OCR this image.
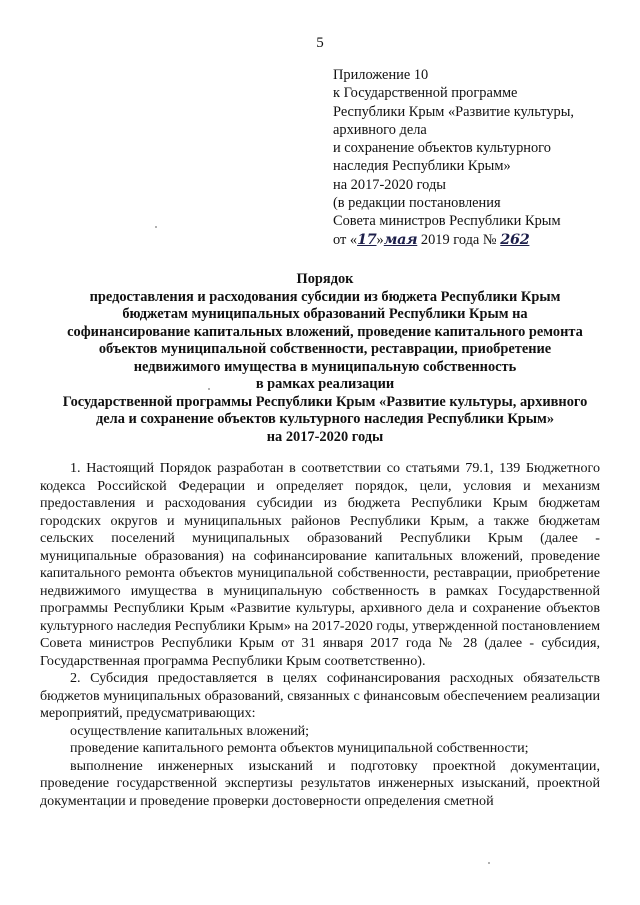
5
Приложение 10
к Государственной программе
Республики Крым «Развитие культуры,
архивного дела
и сохранение объектов культурного
наследия Республики Крым»
на 2017-2020 годы
(в редакции постановления
Совета министров Республики Крым
от «17»мая 2019 года № 262
Порядок
предоставления и расходования субсидии из бюджета Республики Крым
бюджетам муниципальных образований Республики Крым на
софинансирование капитальных вложений, проведение капитального ремонта
объектов муниципальной собственности, реставрации, приобретение
недвижимого имущества в муниципальную собственность
в рамках реализации
Государственной программы Республики Крым «Развитие культуры, архивного
дела и сохранение объектов культурного наследия Республики Крым»
на 2017-2020 годы

1. Настоящий Порядок разработан в соответствии со статьями 79.1, 139 Бюджетного кодекса Российской Федерации и определяет порядок, цели, условия и механизм предоставления и расходования субсидии из бюджета Республики Крым бюджетам городских округов и муниципальных районов Республики Крым, а также бюджетам сельских поселений муниципальных образований Республики Крым (далее - муниципальные образования) на софинансирование капитальных вложений, проведение капитального ремонта объектов муниципальной собственности, реставрации, приобретение недвижимого имущества в муниципальную собственность в рамках Государственной программы Республики Крым «Развитие культуры, архивного дела и сохранение объектов культурного наследия Республики Крым» на 2017-2020 годы, утвержденной постановлением Совета министров Республики Крым от 31 января 2017 года № 28 (далее - субсидия, Государственная программа Республики Крым соответственно).

2. Субсидия предоставляется в целях софинансирования расходных обязательств бюджетов муниципальных образований, связанных с финансовым обеспечением реализации мероприятий, предусматривающих:

осуществление капитальных вложений;

проведение капитального ремонта объектов муниципальной собственности;

выполнение инженерных изысканий и подготовку проектной документации, проведение государственной экспертизы результатов инженерных изысканий, проектной документации и проведение проверки достоверности определения сметной
